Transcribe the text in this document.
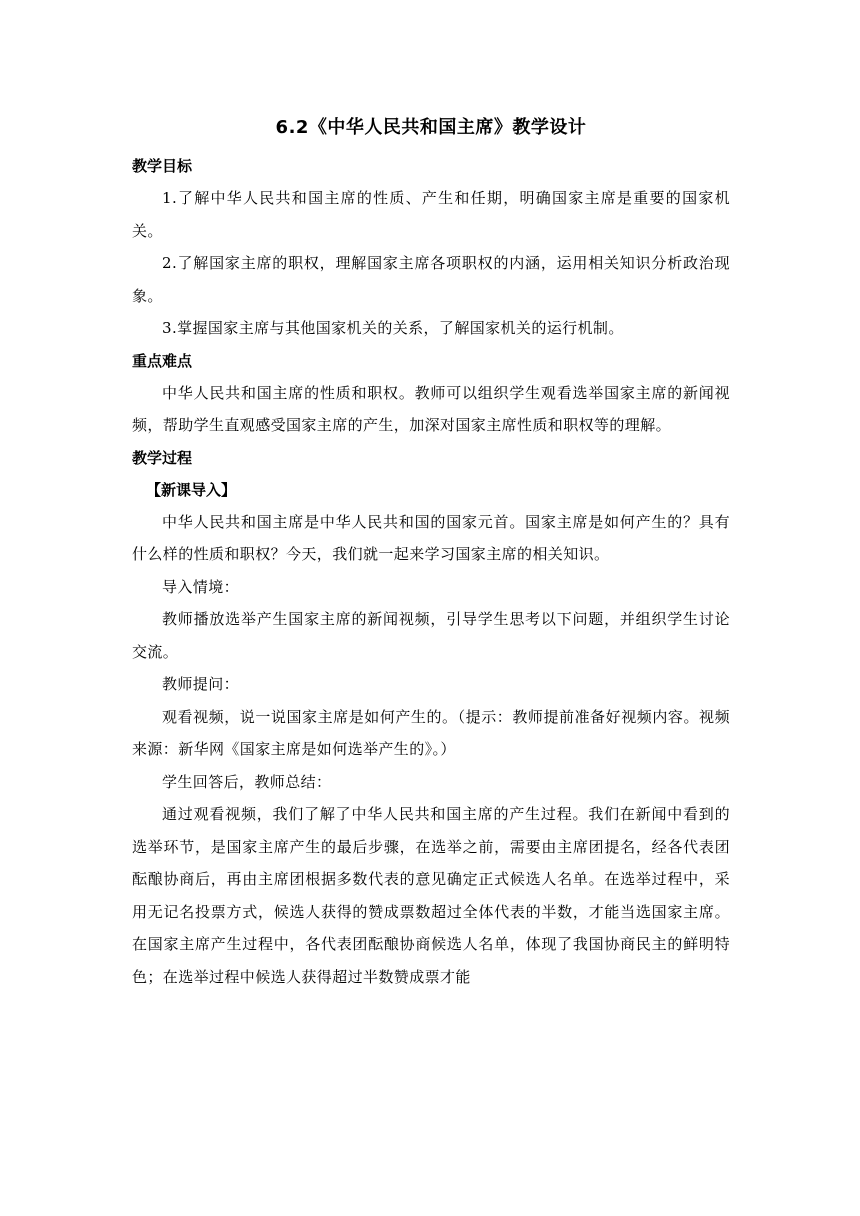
6.2《中华人民共和国主席》教学设计
教学目标

1.了解中华人民共和国主席的性质、产生和任期，明确国家主席是重要的国家机关。

2.了解国家主席的职权，理解国家主席各项职权的内涵，运用相关知识分析政治现象。

3.掌握国家主席与其他国家机关的关系，了解国家机关的运行机制。

重点难点

中华人民共和国主席的性质和职权。教师可以组织学生观看选举国家主席的新闻视频，帮助学生直观感受国家主席的产生，加深对国家主席性质和职权等的理解。

教学过程
【新课导入】

中华人民共和国主席是中华人民共和国的国家元首。国家主席是如何产生的？具有什么样的性质和职权？今天，我们就一起来学习国家主席的相关知识。

导入情境：

教师播放选举产生国家主席的新闻视频，引导学生思考以下问题，并组织学生讨论交流。

教师提问：

观看视频，说一说国家主席是如何产生的。（提示：教师提前准备好视频内容。视频来源：新华网《国家主席是如何选举产生的》。）

学生回答后，教师总结：

通过观看视频，我们了解了中华人民共和国主席的产生过程。我们在新闻中看到的选举环节，是国家主席产生的最后步骤，在选举之前，需要由主席团提名，经各代表团酝酿协商后，再由主席团根据多数代表的意见确定正式候选人名单。在选举过程中，采用无记名投票方式，候选人获得的赞成票数超过全体代表的半数，才能当选国家主席。在国家主席产生过程中，各代表团酝酿协商候选人名单，体现了我国协商民主的鲜明特色；在选举过程中候选人获得超过半数赞成票才能
